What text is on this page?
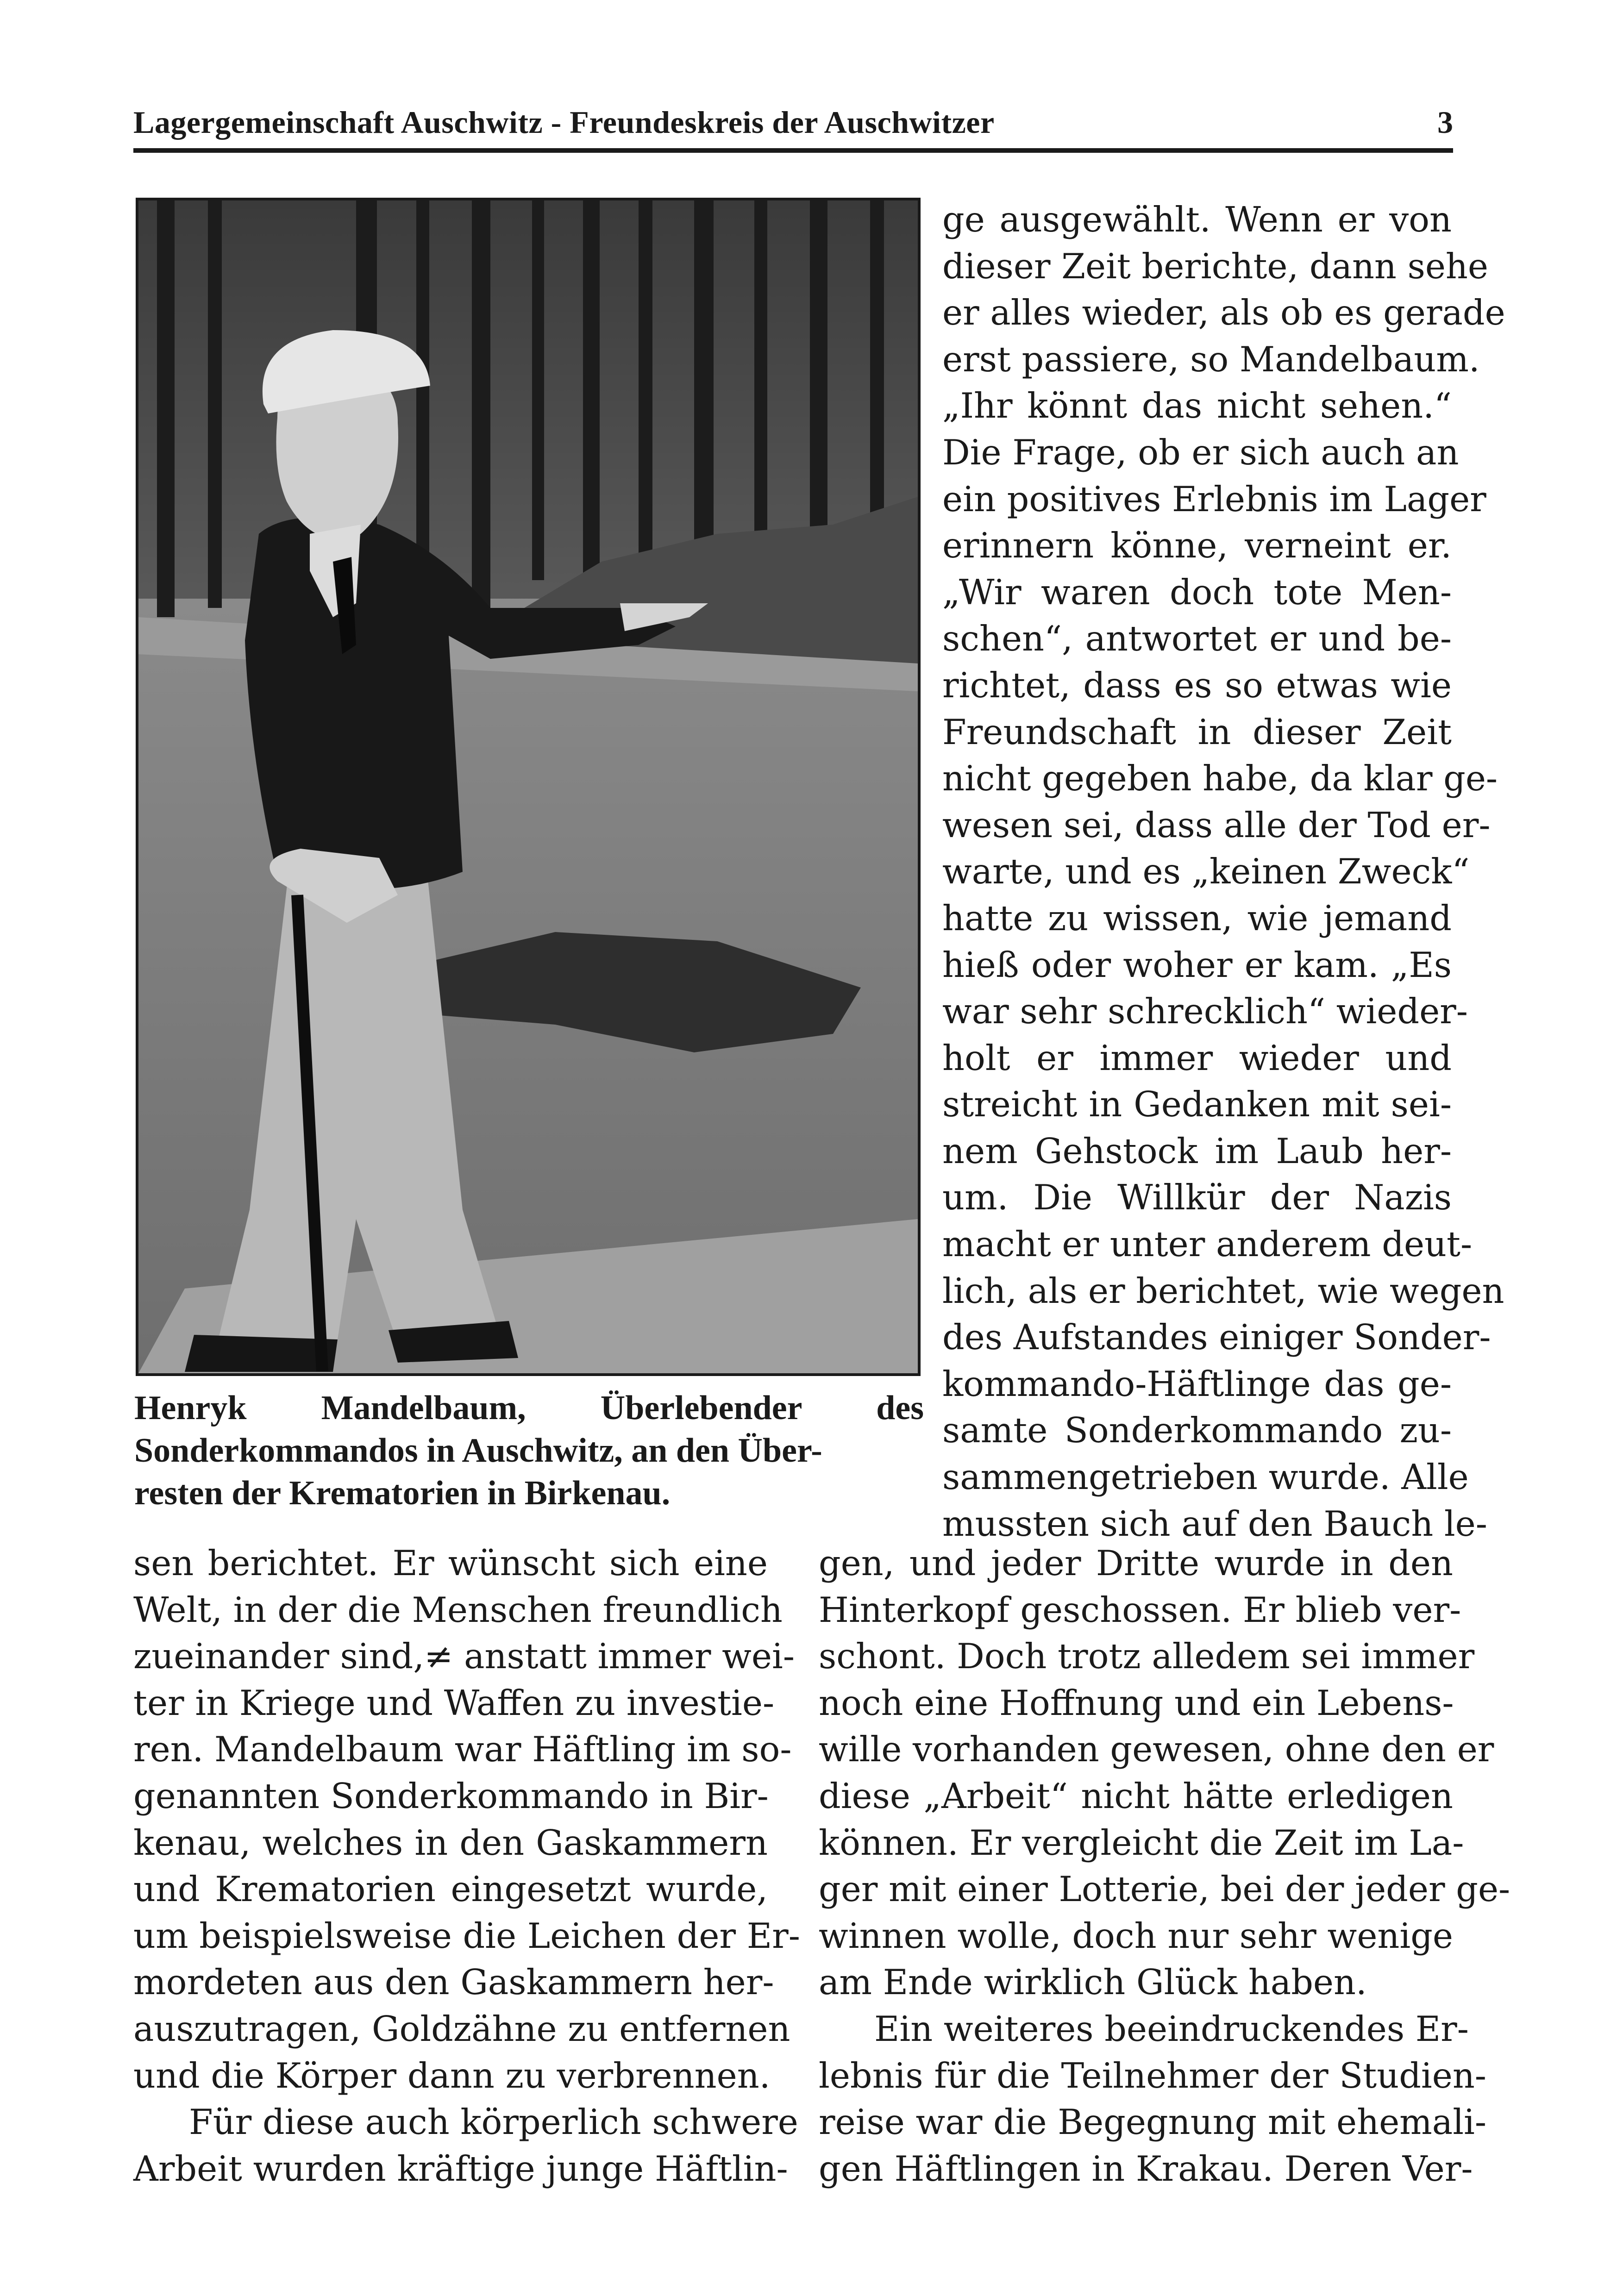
Lagergemeinschaft Auschwitz - Freundeskreis der Auschwitzer	3
Henryk Mandelbaum, Überlebender des
Sonderkommandos in Auschwitz, an den Über-
resten der Krematorien in Birkenau.
ge ausgewählt. Wenn er von
dieser Zeit berichte, dann sehe
er alles wieder, als ob es gerade
erst passiere, so Mandelbaum.
„Ihr könnt das nicht sehen.“
Die Frage, ob er sich auch an
ein positives Erlebnis im Lager
erinnern könne, verneint er.
„Wir waren doch tote Men-
schen“, antwortet er und be-
richtet, dass es so etwas wie
Freundschaft in dieser Zeit
nicht gegeben habe, da klar ge-
wesen sei, dass alle der Tod er-
warte, und es „keinen Zweck“
hatte zu wissen, wie jemand
hieß oder woher er kam. „Es
war sehr schrecklich“ wieder-
holt er immer wieder und
streicht in Gedanken mit sei-
nem Gehstock im Laub her-
um. Die Willkür der Nazis
macht er unter anderem deut-
lich, als er berichtet, wie wegen
des Aufstandes einiger Sonder-
kommando-Häftlinge das ge-
samte Sonderkommando zu-
sammengetrieben wurde. Alle
mussten sich auf den Bauch le-
sen berichtet. Er wünscht sich eine
Welt, in der die Menschen freundlich
zueinander sind,≠ anstatt immer wei-
ter in Kriege und Waffen zu investie-
ren. Mandelbaum war Häftling im so-
genannten Sonderkommando in Bir-
kenau, welches in den Gaskammern
und Krematorien eingesetzt wurde,
um beispielsweise die Leichen der Er-
mordeten aus den Gaskammern her-
auszutragen, Goldzähne zu entfernen
und die Körper dann zu verbrennen.
Für diese auch körperlich schwere
Arbeit wurden kräftige junge Häftlin-
gen, und jeder Dritte wurde in den
Hinterkopf geschossen. Er blieb ver-
schont. Doch trotz alledem sei immer
noch eine Hoffnung und ein Lebens-
wille vorhanden gewesen, ohne den er
diese „Arbeit“ nicht hätte erledigen
können. Er vergleicht die Zeit im La-
ger mit einer Lotterie, bei der jeder ge-
winnen wolle, doch nur sehr wenige
am Ende wirklich Glück haben.
Ein weiteres beeindruckendes Er-
lebnis für die Teilnehmer der Studien-
reise war die Begegnung mit ehemali-
gen Häftlingen in Krakau. Deren Ver-
